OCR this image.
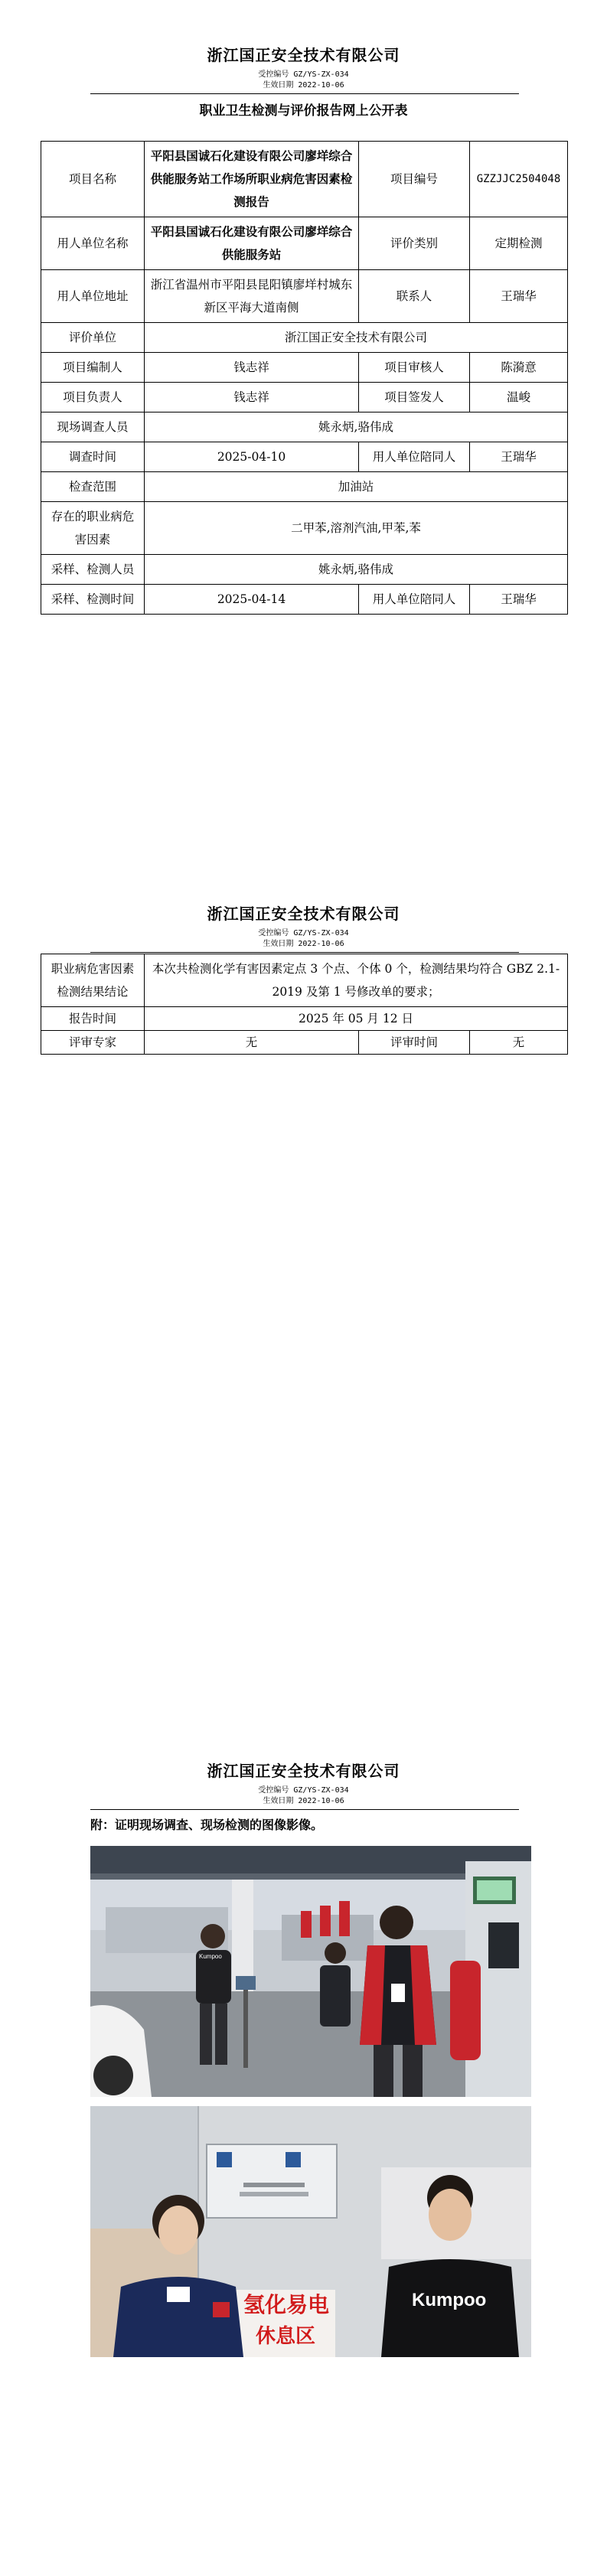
浙江国正安全技术有限公司
受控编号 GZ/YS-ZX-034
生效日期 2022-10-06
职业卫生检测与评价报告网上公开表
项目名称	平阳县国诚石化建设有限公司廖垟综合供能服务站工作场所职业病危害因素检测报告	项目编号	GZZJJC2504048
用人单位名称	平阳县国诚石化建设有限公司廖垟综合供能服务站	评价类别	定期检测
用人单位地址	浙江省温州市平阳县昆阳镇廖垟村城东新区平海大道南侧	联系人	王瑞华
评价单位	浙江国正安全技术有限公司		
项目编制人	钱志祥	项目审核人	陈漪意
项目负责人	钱志祥	项目签发人	温峻
现场调查人员	姚永炳,骆伟成		
调查时间	2025-04-10	用人单位陪同人	王瑞华
检查范围	加油站		
存在的职业病危害因素	二甲苯,溶剂汽油,甲苯,苯		
采样、检测人员	姚永炳,骆伟成		
采样、检测时间	2025-04-14	用人单位陪同人	王瑞华
浙江国正安全技术有限公司
受控编号 GZ/YS-ZX-034
生效日期 2022-10-06
职业病危害因素检测结果结论	本次共检测化学有害因素定点 3 个点、个体 0 个，检测结果均符合 GBZ 2.1-2019 及第 1 号修改单的要求；		
报告时间	2025 年 05 月 12 日		
评审专家	无	评审时间	无
浙江国正安全技术有限公司
受控编号 GZ/YS-ZX-034
生效日期 2022-10-06
附：证明现场调查、现场检测的图像影像。
Kumpoo
氢化易电
休息区
Kumpoo
